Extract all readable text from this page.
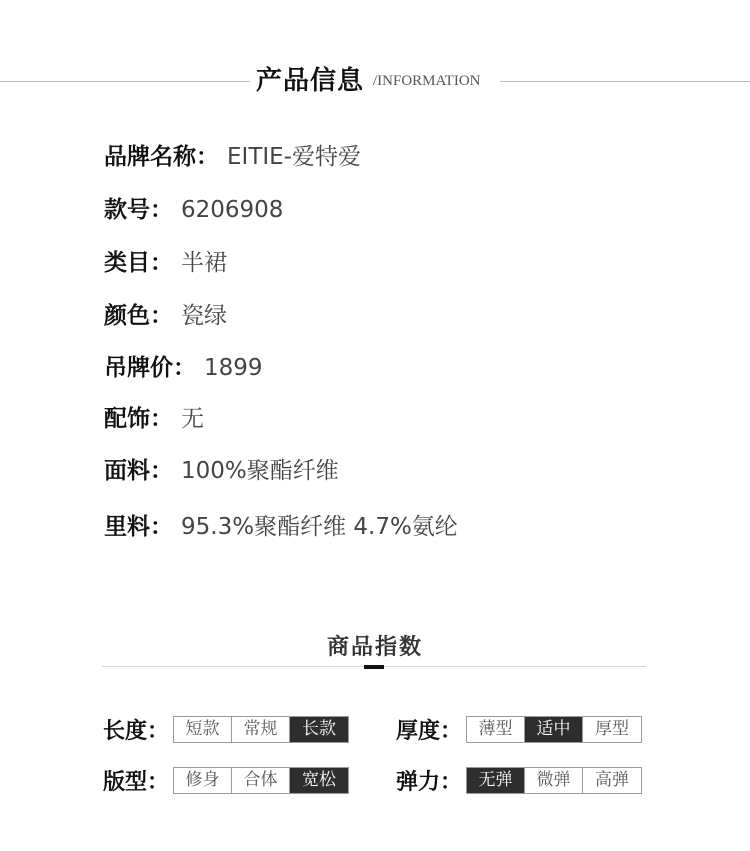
产品信息 /INFORMATION
品牌名称： EITIE-爱特爱
款号： 6206908
类目： 半裙
颜色： 瓷绿
吊牌价： 1899
配饰： 无
面料： 100%聚酯纤维
里料： 95.3%聚酯纤维 4.7%氨纶
商品指数
长度： 短款	常规	长款	厚度： 薄型	适中	厚型
版型： 修身	合体	宽松	弹力： 无弹	微弹	高弹
